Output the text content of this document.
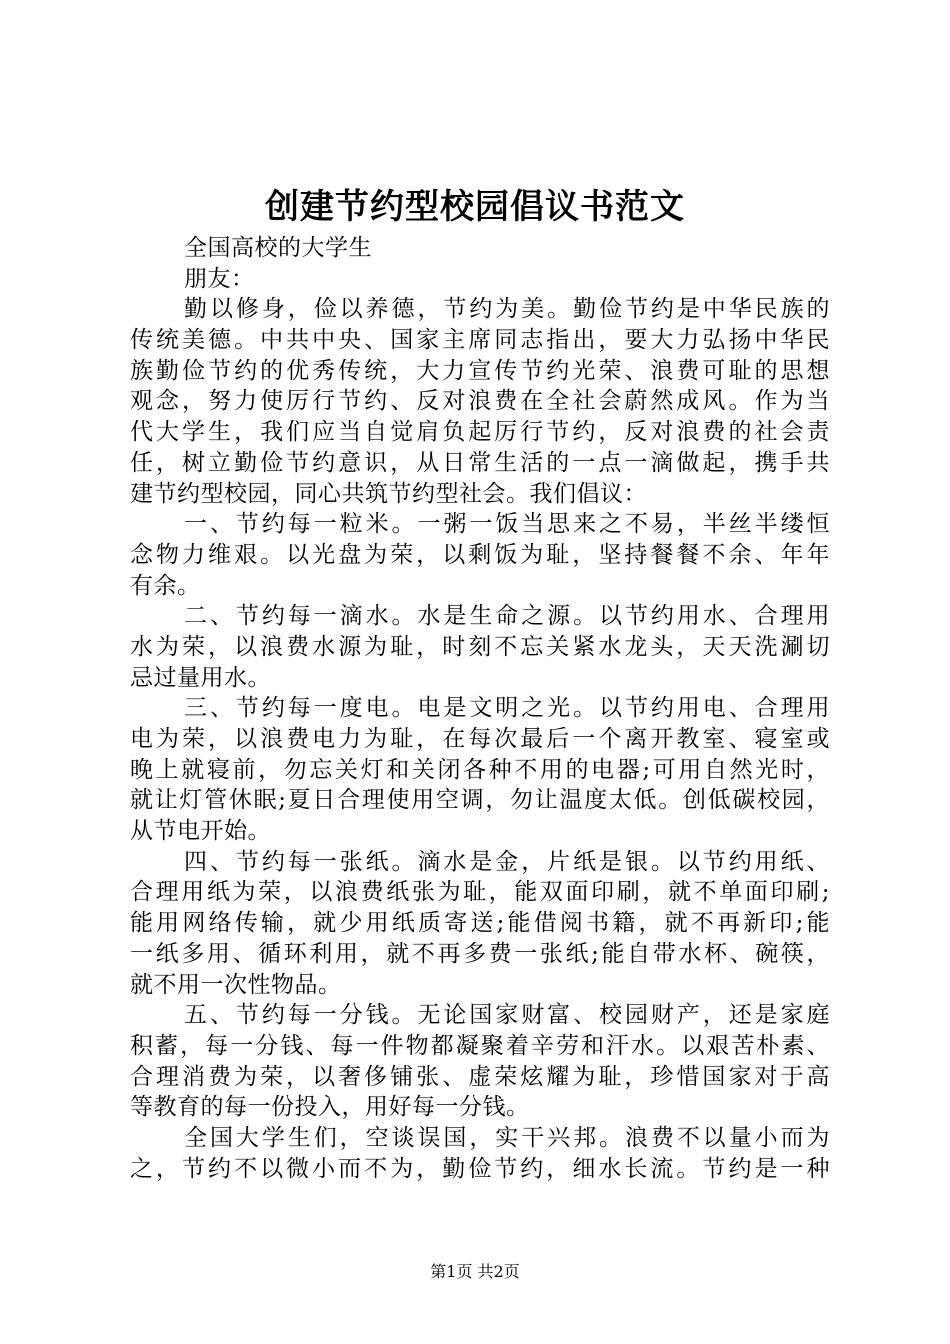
创建节约型校园倡议书范文
全国高校的大学生
朋友：
勤以修身，俭以养德，节约为美。勤俭节约是中华民族的
传统美德。中共中央、国家主席同志指出，要大力弘扬中华民
族勤俭节约的优秀传统，大力宣传节约光荣、浪费可耻的思想
观念，努力使厉行节约、反对浪费在全社会蔚然成风。作为当
代大学生，我们应当自觉肩负起厉行节约，反对浪费的社会责
任，树立勤俭节约意识，从日常生活的一点一滴做起，携手共
建节约型校园，同心共筑节约型社会。我们倡议：
一、节约每一粒米。一粥一饭当思来之不易，半丝半缕恒
念物力维艰。以光盘为荣，以剩饭为耻，坚持餐餐不余、年年
有余。
二、节约每一滴水。水是生命之源。以节约用水、合理用
水为荣，以浪费水源为耻，时刻不忘关紧水龙头，天天洗涮切
忌过量用水。
三、节约每一度电。电是文明之光。以节约用电、合理用
电为荣，以浪费电力为耻，在每次最后一个离开教室、寝室或
晚上就寝前，勿忘关灯和关闭各种不用的电器;可用自然光时，
就让灯管休眠;夏日合理使用空调，勿让温度太低。创低碳校园，
从节电开始。
四、节约每一张纸。滴水是金，片纸是银。以节约用纸、
合理用纸为荣，以浪费纸张为耻，能双面印刷，就不单面印刷;
能用网络传输，就少用纸质寄送;能借阅书籍，就不再新印;能
一纸多用、循环利用，就不再多费一张纸;能自带水杯、碗筷，
就不用一次性物品。
五、节约每一分钱。无论国家财富、校园财产，还是家庭
积蓄，每一分钱、每一件物都凝聚着辛劳和汗水。以艰苦朴素、
合理消费为荣，以奢侈铺张、虚荣炫耀为耻，珍惜国家对于高
等教育的每一份投入，用好每一分钱。
全国大学生们，空谈误国，实干兴邦。浪费不以量小而为
之，节约不以微小而不为，勤俭节约，细水长流。节约是一种
第1页 共2页
